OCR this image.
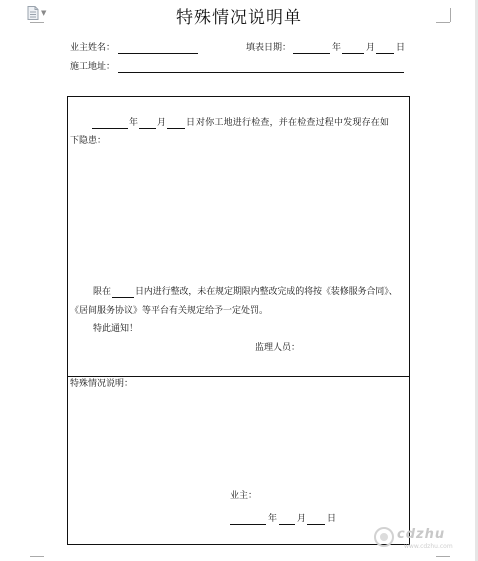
▼	特殊情况说明单
业主姓名：	填表日期：	年	月 日
施工地址：
年 月 日 对你工地进行检查，并在检查过程中发现存在如
下隐患：
限在	日内进行整改，未在规定期限内整改完成的将按《装修服务合同》、
《居间服务协议》等平台有关规定给予一定处罚。
特此通知！
监理人员：
特殊情况说明：
业主：
年 月 日
cdzhu
www.cdzhu.com
